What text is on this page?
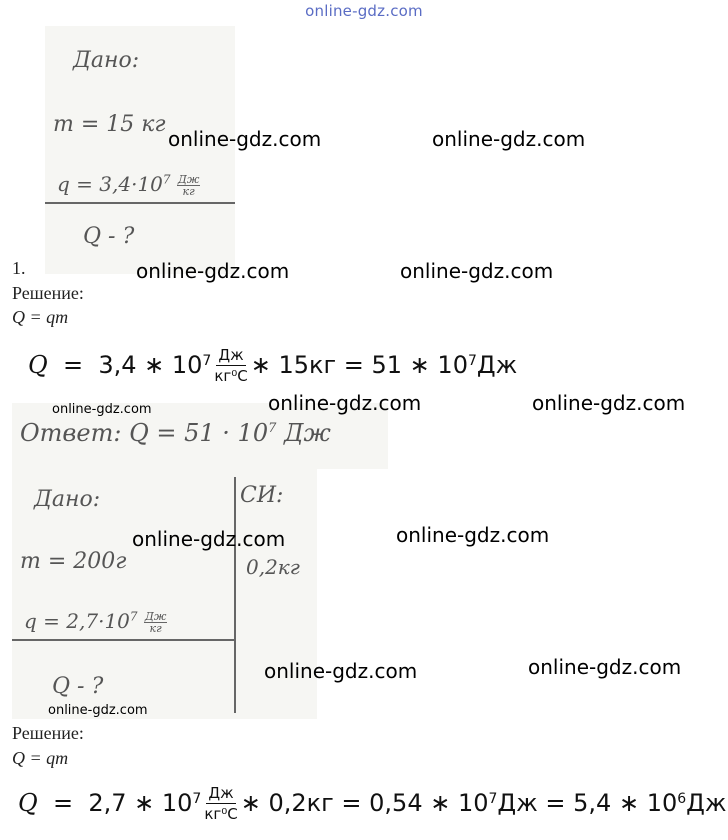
online-gdz.com
Дано:
m = 15 кг
$q = 3,4\cdot 10^7 \frac{Дж}{кг}$
Q - ?
1.
Решение:
Q = qm
Q
=
3,4 ∗ $10^7$ Дж
кг⁰С ∗ 15кг = 51 ∗ $10^7$ Дж
Ответ: $Q = 51 \cdot 10^7$ Дж
Дано:	СИ:
m = 200г	0,2кг
$q = 2,7\cdot 10^7 \frac{Дж}{кг}$
Q - ?
Решение:
Q = qm
Q
=
2,7 ∗ $10^7$ Дж
кг⁰С ∗ 0,2кг = 0,54 ∗ $10^7$ Дж = 5,4 ∗ $10^6$ Дж
online-gdz.com	online-gdz.com
online-gdz.com	online-gdz.com
online-gdz.com	online-gdz.com	online-gdz.com
online-gdz.com	online-gdz.com
online-gdz.com	online-gdz.com
online-gdz.com
